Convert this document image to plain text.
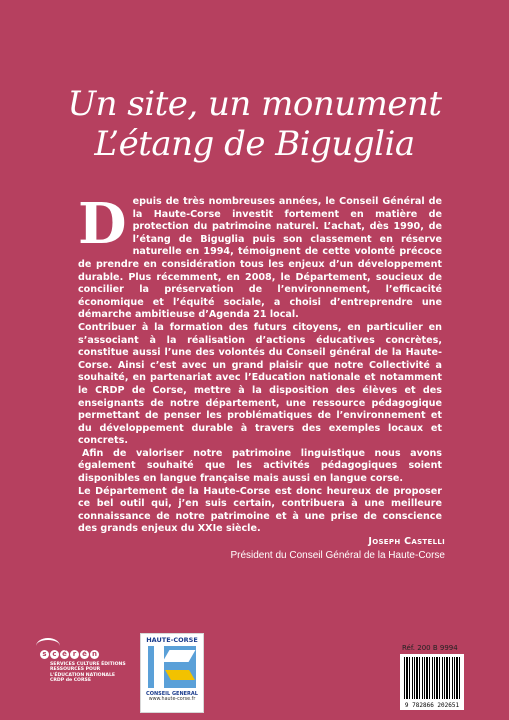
Un site, un monument
L’étang de Biguglia

Depuis de très nombreuses années, le Conseil Général de la Haute-Corse investit fortement en matière de protection du patrimoine naturel. L’achat, dès 1990, de l’étang de Biguglia puis son classement en réserve naturelle en 1994, témoignent de cette volonté précoce de prendre en considération tous les enjeux d’un développement durable. Plus récemment, en 2008, le Département, soucieux de concilier la préservation de l’environnement, l’efficacité économique et l’équité sociale, a choisi d’entreprendre une démarche ambitieuse d’Agenda 21 local.

Contribuer à la formation des futurs citoyens, en particulier en s’associant à la réalisation d’actions éducatives concrètes, constitue aussi l’une des volontés du Conseil général de la Haute-Corse. Ainsi c’est avec un grand plaisir que notre Collectivité a souhaité, en partenariat avec l’Education nationale et notamment le CRDP de Corse, mettre à la disposition des élèves et des enseignants de notre département, une ressource pédagogique permettant de penser les problématiques de l’environnement et du développement durable à travers des exemples locaux et concrets.

Afin de valoriser notre patrimoine linguistique nous avons également souhaité que les activités pédagogiques soient disponibles en langue française mais aussi en langue corse.

Le Département de la Haute-Corse est donc heureux de proposer ce bel outil qui, j’en suis certain, contribuera à une meilleure connaissance de notre patrimoine et à une prise de conscience des grands enjeux du XXIe siècle.

Joseph Castelli
Président du Conseil Général de la Haute-Corse
s c é r é n
SERVICES CULTURE ÉDITIONS
RESSOURCES POUR
L'ÉDUCATION NATIONALE
CRDP de CORSE
HAUTE-CORSE
CONSEIL GENERAL
www.haute-corse.fr
Réf. 200 B 9994
9 782866 202651
